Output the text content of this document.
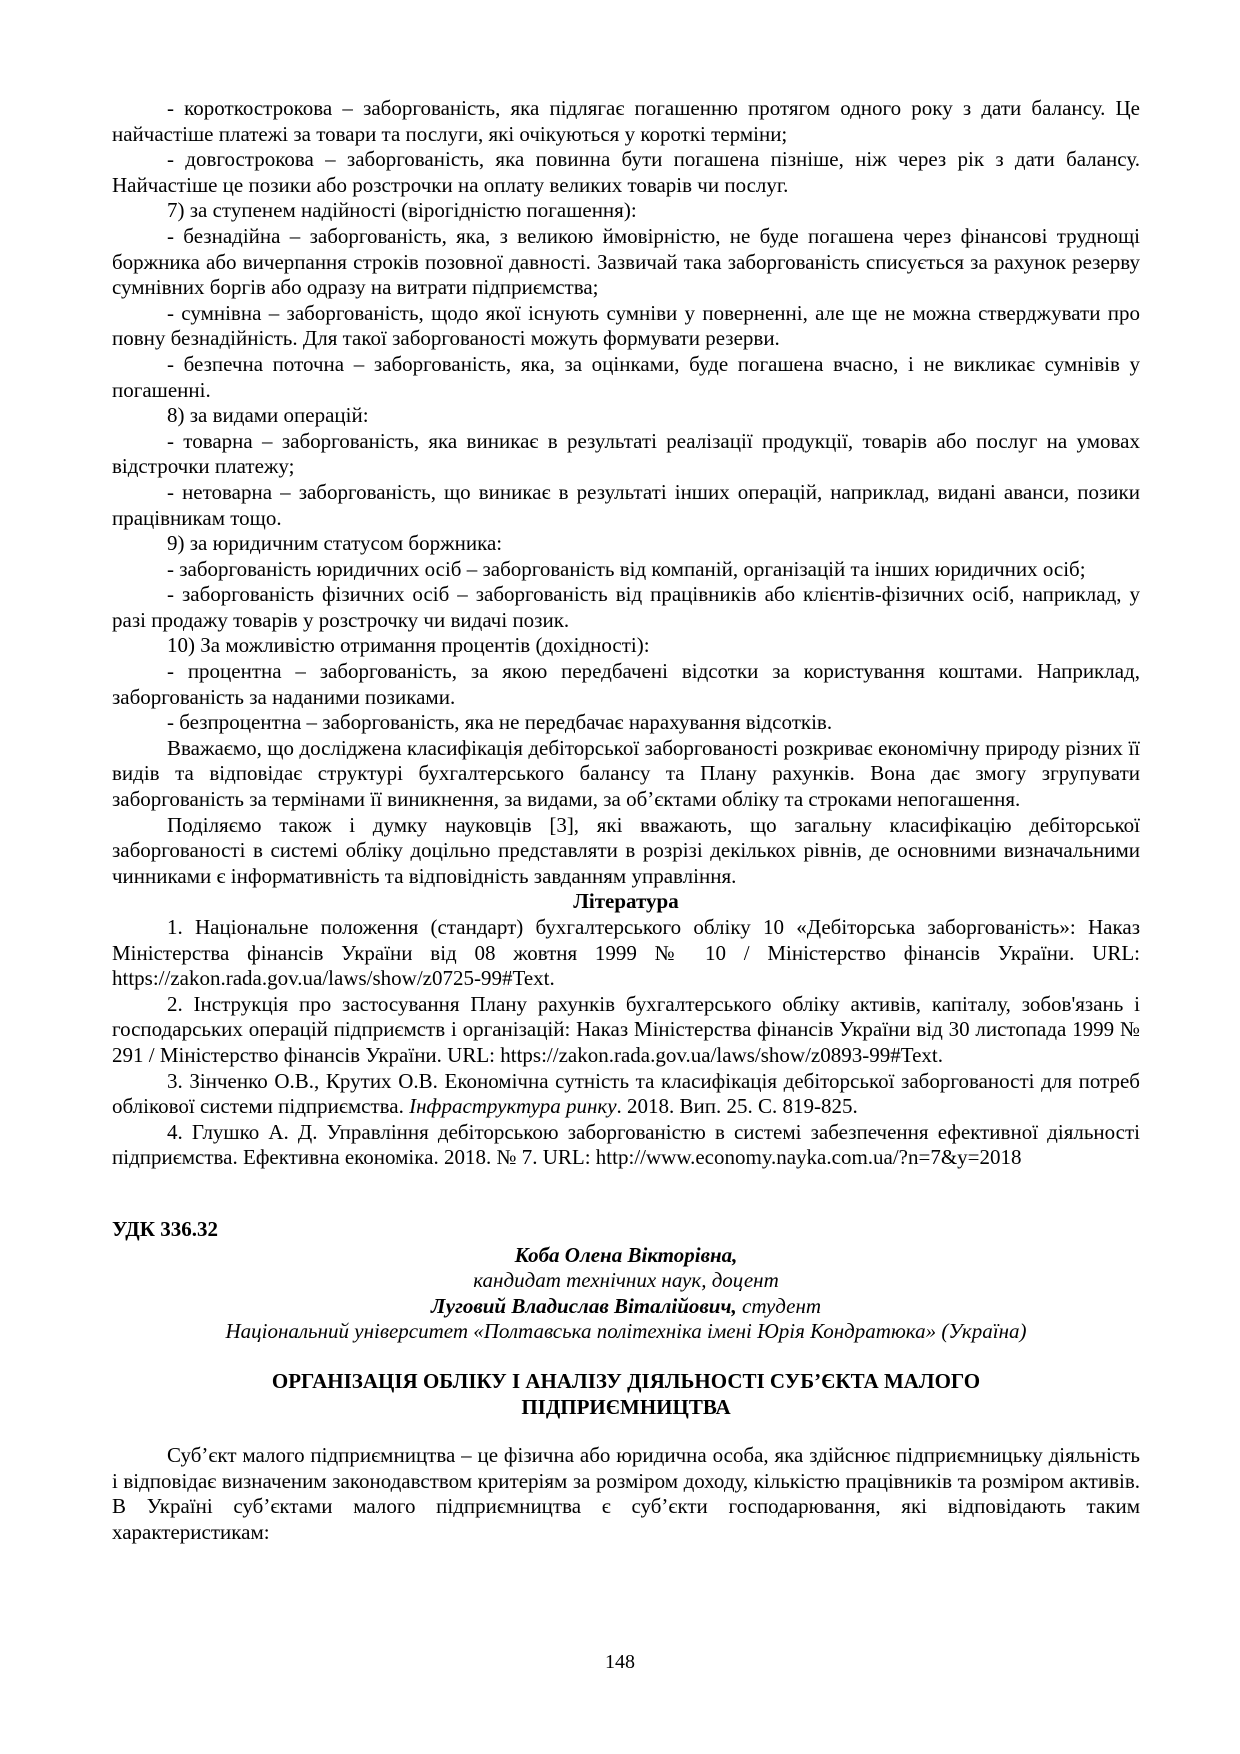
- короткострокова – заборгованість, яка підлягає погашенню протягом одного року з дати балансу. Це найчастіше платежі за товари та послуги, які очікуються у короткі терміни;

- довгострокова – заборгованість, яка повинна бути погашена пізніше, ніж через рік з дати балансу. Найчастіше це позики або розстрочки на оплату великих товарів чи послуг.

7) за ступенем надійності (вірогідністю погашення):

- безнадійна – заборгованість, яка, з великою ймовірністю, не буде погашена через фінансові труднощі боржника або вичерпання строків позовної давності. Зазвичай така заборгованість списується за рахунок резерву сумнівних боргів або одразу на витрати підприємства;

- сумнівна – заборгованість, щодо якої існують сумніви у поверненні, але ще не можна стверджувати про повну безнадійність. Для такої заборгованості можуть формувати резерви.

- безпечна поточна – заборгованість, яка, за оцінками, буде погашена вчасно, і не викликає сумнівів у погашенні.

8) за видами операцій:

- товарна – заборгованість, яка виникає в результаті реалізації продукції, товарів або послуг на умовах відстрочки платежу;

- нетоварна – заборгованість, що виникає в результаті інших операцій, наприклад, видані аванси, позики працівникам тощо.

9) за юридичним статусом боржника:

- заборгованість юридичних осіб – заборгованість від компаній, організацій та інших юридичних осіб;

- заборгованість фізичних осіб – заборгованість від працівників або клієнтів-фізичних осіб, наприклад, у разі продажу товарів у розстрочку чи видачі позик.

10) За можливістю отримання процентів (дохідності):

- процентна – заборгованість, за якою передбачені відсотки за користування коштами. Наприклад, заборгованість за наданими позиками.

- безпроцентна – заборгованість, яка не передбачає нарахування відсотків.

Вважаємо, що досліджена класифікація дебіторської заборгованості розкриває економічну природу різних її видів та відповідає структурі бухгалтерського балансу та Плану рахунків. Вона дає змогу згрупувати заборгованість за термінами її виникнення, за видами, за об’єктами обліку та строками непогашення.

Поділяємо також і думку науковців [3], які вважають, що загальну класифікацію дебіторської заборгованості в системі обліку доцільно представляти в розрізі декількох рівнів, де основними визначальними чинниками є інформативність та відповідність завданням управління.

Література

1. Національне положення (стандарт) бухгалтерського обліку 10 «Дебіторська заборгованість»: Наказ Міністерства фінансів України від 08 жовтня 1999 № 10 / Міністерство фінансів України. URL: https://zakon.rada.gov.ua/laws/show/z0725-99#Text.

2. Інструкція про застосування Плану рахунків бухгалтерського обліку активів, капіталу, зобов'язань і господарських операцій підприємств і організацій: Наказ Міністерства фінансів України від 30 листопада 1999 № 291 / Міністерство фінансів України. URL: https://zakon.rada.gov.ua/laws/show/z0893-99#Text.

3. Зінченко О.В., Крутих О.В. Економічна сутність та класифікація дебіторської заборгованості для потреб облікової системи підприємства. Інфраструктура ринку. 2018. Вип. 25. С. 819-825.

4. Глушко А. Д. Управління дебіторською заборгованістю в системі забезпечення ефективної діяльності підприємства. Ефективна економіка. 2018. № 7. URL: http://www.economy.nayka.com.ua/?n=7&y=2018

УДК 336.32

Коба Олена Вікторівна,

кандидат технічних наук, доцент

Луговий Владислав Віталійович, студент

Національний університет «Полтавська політехніка імені Юрія Кондратюка» (Україна)

ОРГАНІЗАЦІЯ ОБЛІКУ І АНАЛІЗУ ДІЯЛЬНОСТІ СУБ’ЄКТА МАЛОГО ПІДПРИЄМНИЦТВА

Суб’єкт малого підприємництва – це фізична або юридична особа, яка здійснює підприємницьку діяльність і відповідає визначеним законодавством критеріям за розміром доходу, кількістю працівників та розміром активів. В Україні суб’єктами малого підприємництва є суб’єкти господарювання, які відповідають таким характеристикам:

148
